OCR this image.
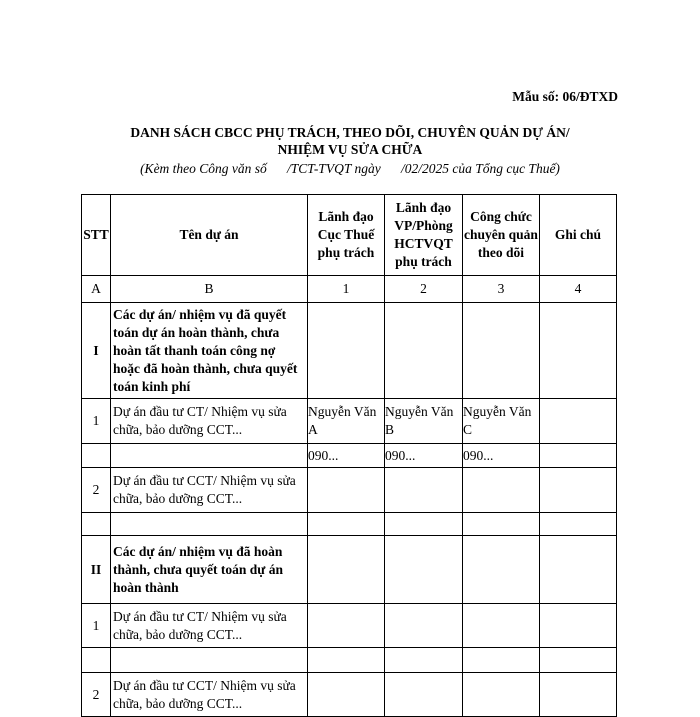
Mẫu số: 06/ĐTXD
DANH SÁCH CBCC PHỤ TRÁCH, THEO DÕI, CHUYÊN QUẢN DỰ ÁN/
NHIỆM VỤ SỬA CHỮA
(Kèm theo Công văn số      /TCT-TVQT ngày      /02/2025 của Tổng cục Thuế)
STT	Tên dự án	Lãnh đạo Cục Thuế phụ trách	Lãnh đạo VP/Phòng HCTVQT phụ trách	Công chức chuyên quản theo dõi	Ghi chú
A	B	1	2	3	4
I	Các dự án/ nhiệm vụ đã quyết toán dự án hoàn thành, chưa hoàn tất thanh toán công nợ hoặc đã hoàn thành, chưa quyết toán kinh phí				
1	Dự án đầu tư CT/ Nhiệm vụ sửa chữa, bảo dưỡng CCT...	Nguyễn Văn A	Nguyễn Văn B	Nguyễn Văn C	
		090...	090...	090...	
2	Dự án đầu tư CCT/ Nhiệm vụ sửa chữa, bảo dưỡng CCT...				

II	Các dự án/ nhiệm vụ đã hoàn thành, chưa quyết toán dự án hoàn thành				
1	Dự án đầu tư CT/ Nhiệm vụ sửa chữa, bảo dưỡng CCT...				

2	Dự án đầu tư CCT/ Nhiệm vụ sửa chữa, bảo dưỡng CCT...				
